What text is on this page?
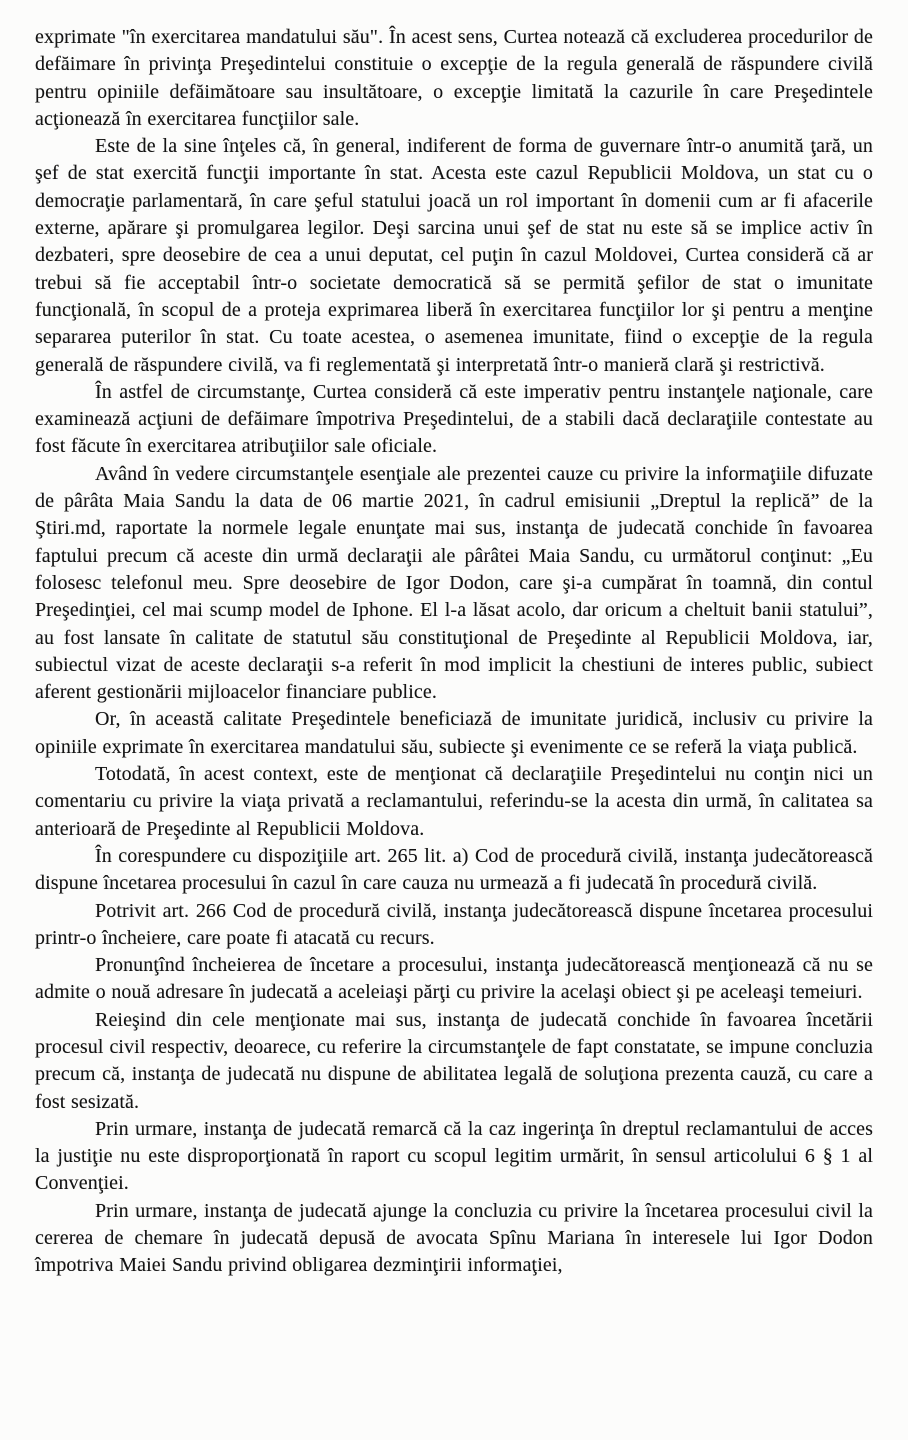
exprimate "în exercitarea mandatului său". În acest sens, Curtea notează că excluderea procedurilor de defăimare în privinţa Preşedintelui constituie o excepţie de la regula generală de răspundere civilă pentru opiniile defăimătoare sau insultătoare, o excepţie limitată la cazurile în care Preşedintele acţionează în exercitarea funcţiilor sale.

Este de la sine înţeles că, în general, indiferent de forma de guvernare într-o anumită ţară, un şef de stat exercită funcţii importante în stat. Acesta este cazul Republicii Moldova, un stat cu o democraţie parlamentară, în care şeful statului joacă un rol important în domenii cum ar fi afacerile externe, apărare şi promulgarea legilor. Deşi sarcina unui şef de stat nu este să se implice activ în dezbateri, spre deosebire de cea a unui deputat, cel puţin în cazul Moldovei, Curtea consideră că ar trebui să fie acceptabil într-o societate democratică să se permită şefilor de stat o imunitate funcţională, în scopul de a proteja exprimarea liberă în exercitarea funcţiilor lor şi pentru a menţine separarea puterilor în stat. Cu toate acestea, o asemenea imunitate, fiind o excepţie de la regula generală de răspundere civilă, va fi reglementată şi interpretată într-o manieră clară şi restrictivă.

În astfel de circumstanţe, Curtea consideră că este imperativ pentru instanţele naţionale, care examinează acţiuni de defăimare împotriva Preşedintelui, de a stabili dacă declaraţiile contestate au fost făcute în exercitarea atribuţiilor sale oficiale.

Având în vedere circumstanţele esenţiale ale prezentei cauze cu privire la informaţiile difuzate de pârâta Maia Sandu la data de 06 martie 2021, în cadrul emisiunii „Dreptul la replică” de la Ştiri.md, raportate la normele legale enunţate mai sus, instanţa de judecată conchide în favoarea faptului precum că aceste din urmă declaraţii ale pârâtei Maia Sandu, cu următorul conţinut: „Eu folosesc telefonul meu. Spre deosebire de Igor Dodon, care şi-a cumpărat în toamnă, din contul Preşedinţiei, cel mai scump model de Iphone. El l-a lăsat acolo, dar oricum a cheltuit banii statului”, au fost lansate în calitate de statutul său constituţional de Preşedinte al Republicii Moldova, iar, subiectul vizat de aceste declaraţii s-a referit în mod implicit la chestiuni de interes public, subiect aferent gestionării mijloacelor financiare publice.

Or, în această calitate Preşedintele beneficiază de imunitate juridică, inclusiv cu privire la opiniile exprimate în exercitarea mandatului său, subiecte şi evenimente ce se referă la viaţa publică.

Totodată, în acest context, este de menţionat că declaraţiile Preşedintelui nu conţin nici un comentariu cu privire la viaţa privată a reclamantului, referindu-se la acesta din urmă, în calitatea sa anterioară de Preşedinte al Republicii Moldova.

În corespundere cu dispoziţiile art. 265 lit. a) Cod de procedură civilă, instanţa judecătorească dispune încetarea procesului în cazul în care cauza nu urmează a fi judecată în procedură civilă.

Potrivit art. 266 Cod de procedură civilă, instanţa judecătorească dispune încetarea procesului printr-o încheiere, care poate fi atacată cu recurs.

Pronunţînd încheierea de încetare a procesului, instanţa judecătorească menţionează că nu se admite o nouă adresare în judecată a aceleiaşi părţi cu privire la acelaşi obiect şi pe aceleaşi temeiuri.

Reieşind din cele menţionate mai sus, instanţa de judecată conchide în favoarea încetării procesul civil respectiv, deoarece, cu referire la circumstanţele de fapt constatate, se impune concluzia precum că, instanţa de judecată nu dispune de abilitatea legală de soluţiona prezenta cauză, cu care a fost sesizată.

Prin urmare, instanţa de judecată remarcă că la caz ingerinţa în dreptul reclamantului de acces la justiţie nu este disproporţionată în raport cu scopul legitim urmărit, în sensul articolului 6 § 1 al Convenţiei.

Prin urmare, instanţa de judecată ajunge la concluzia cu privire la încetarea procesului civil la cererea de chemare în judecată depusă de avocata Spînu Mariana în interesele lui Igor Dodon împotriva Maiei Sandu privind obligarea dezminţirii informaţiei,
